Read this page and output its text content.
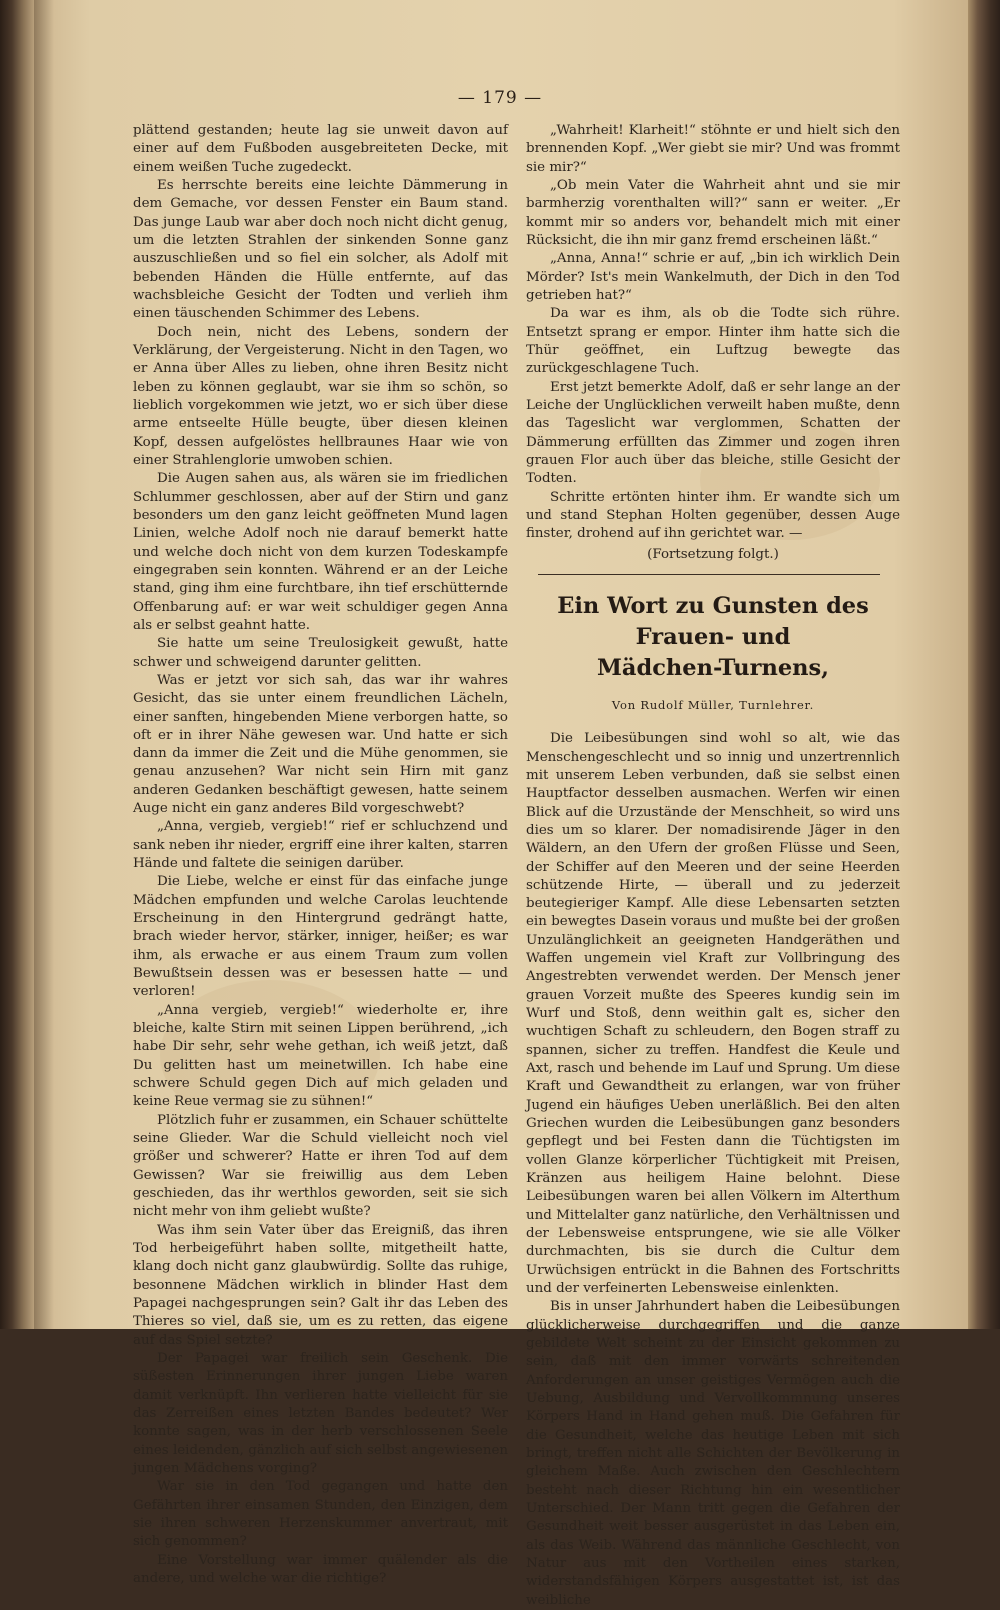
— 179 —

plättend gestanden; heute lag sie unweit davon auf einer auf dem Fußboden ausgebreiteten Decke, mit einem weißen Tuche zugedeckt.

Es herrschte bereits eine leichte Dämmerung in dem Gemache, vor dessen Fenster ein Baum stand. Das junge Laub war aber doch noch nicht dicht genug, um die letzten Strahlen der sinkenden Sonne ganz auszuschließen und so fiel ein solcher, als Adolf mit bebenden Händen die Hülle entfernte, auf das wachsbleiche Gesicht der Todten und verlieh ihm einen täuschenden Schimmer des Lebens.

Doch nein, nicht des Lebens, sondern der Verklärung, der Vergeisterung. Nicht in den Tagen, wo er Anna über Alles zu lieben, ohne ihren Besitz nicht leben zu können geglaubt, war sie ihm so schön, so lieblich vorgekommen wie jetzt, wo er sich über diese arme entseelte Hülle beugte, über diesen kleinen Kopf, dessen aufgelöstes hellbraunes Haar wie von einer Strahlenglorie umwoben schien.

Die Augen sahen aus, als wären sie im friedlichen Schlummer geschlossen, aber auf der Stirn und ganz besonders um den ganz leicht geöffneten Mund lagen Linien, welche Adolf noch nie darauf bemerkt hatte und welche doch nicht von dem kurzen Todeskampfe eingegraben sein konnten. Während er an der Leiche stand, ging ihm eine furchtbare, ihn tief erschütternde Offenbarung auf: er war weit schuldiger gegen Anna als er selbst geahnt hatte.

Sie hatte um seine Treulosigkeit gewußt, hatte schwer und schweigend darunter gelitten.

Was er jetzt vor sich sah, das war ihr wahres Gesicht, das sie unter einem freundlichen Lächeln, einer sanften, hingebenden Miene verborgen hatte, so oft er in ihrer Nähe gewesen war. Und hatte er sich dann da immer die Zeit und die Mühe genommen, sie genau anzusehen? War nicht sein Hirn mit ganz anderen Gedanken beschäftigt gewesen, hatte seinem Auge nicht ein ganz anderes Bild vorgeschwebt?

„Anna, vergieb, vergieb!“ rief er schluchzend und sank neben ihr nieder, ergriff eine ihrer kalten, starren Hände und faltete die seinigen darüber.

Die Liebe, welche er einst für das einfache junge Mädchen empfunden und welche Carolas leuchtende Erscheinung in den Hintergrund gedrängt hatte, brach wieder hervor, stärker, inniger, heißer; es war ihm, als erwache er aus einem Traum zum vollen Bewußtsein dessen was er besessen hatte — und verloren!

„Anna vergieb, vergieb!“ wiederholte er, ihre bleiche, kalte Stirn mit seinen Lippen berührend, „ich habe Dir sehr, sehr wehe gethan, ich weiß jetzt, daß Du gelitten hast um meinetwillen. Ich habe eine schwere Schuld gegen Dich auf mich geladen und keine Reue vermag sie zu sühnen!“

Plötzlich fuhr er zusammen, ein Schauer schüttelte seine Glieder. War die Schuld vielleicht noch viel größer und schwerer? Hatte er ihren Tod auf dem Gewissen? War sie freiwillig aus dem Leben geschieden, das ihr werthlos geworden, seit sie sich nicht mehr von ihm geliebt wußte?

Was ihm sein Vater über das Ereigniß, das ihren Tod herbeigeführt haben sollte, mitgetheilt hatte, klang doch nicht ganz glaubwürdig. Sollte das ruhige, besonnene Mädchen wirklich in blinder Hast dem Papagei nachgesprungen sein? Galt ihr das Leben des Thieres so viel, daß sie, um es zu retten, das eigene auf das Spiel setzte?

Der Papagei war freilich sein Geschenk. Die süßesten Erinnerungen ihrer jungen Liebe waren damit verknüpft. Ihn verlieren hatte vielleicht für sie das Zerreißen eines letzten Bandes bedeutet? Wer konnte sagen, was in der herb verschlossenen Seele eines leidenden, gänzlich auf sich selbst angewiesenen jungen Mädchens vorging?

War sie in den Tod gegangen und hatte den Gefährten ihrer einsamen Stunden, den Einzigen, dem sie ihren schweren Herzenskummer anvertraut, mit sich genommen?

Eine Vorstellung war immer quälender als die andere, und welche war die richtige?

„Wahrheit! Klarheit!“ stöhnte er und hielt sich den brennenden Kopf. „Wer giebt sie mir? Und was frommt sie mir?“

„Ob mein Vater die Wahrheit ahnt und sie mir barmherzig vorenthalten will?“ sann er weiter. „Er kommt mir so anders vor, behandelt mich mit einer Rücksicht, die ihn mir ganz fremd erscheinen läßt.“

„Anna, Anna!“ schrie er auf, „bin ich wirklich Dein Mörder? Ist's mein Wankelmuth, der Dich in den Tod getrieben hat?“

Da war es ihm, als ob die Todte sich rühre. Entsetzt sprang er empor. Hinter ihm hatte sich die Thür geöffnet, ein Luftzug bewegte das zurückgeschlagene Tuch.

Erst jetzt bemerkte Adolf, daß er sehr lange an der Leiche der Unglücklichen verweilt haben mußte, denn das Tageslicht war verglommen, Schatten der Dämmerung erfüllten das Zimmer und zogen ihren grauen Flor auch über das bleiche, stille Gesicht der Todten.

Schritte ertönten hinter ihm. Er wandte sich um und stand Stephan Holten gegenüber, dessen Auge finster, drohend auf ihn gerichtet war. —

(Fortsetzung folgt.)

Ein Wort zu Gunsten des Frauen- und
Mädchen-Turnens,

Von Rudolf Müller, Turnlehrer.

Die Leibesübungen sind wohl so alt, wie das Menschengeschlecht und so innig und unzertrennlich mit unserem Leben verbunden, daß sie selbst einen Hauptfactor desselben ausmachen. Werfen wir einen Blick auf die Urzustände der Menschheit, so wird uns dies um so klarer. Der nomadisirende Jäger in den Wäldern, an den Ufern der großen Flüsse und Seen, der Schiffer auf den Meeren und der seine Heerden schützende Hirte, — überall und zu jederzeit beutegieriger Kampf. Alle diese Lebensarten setzten ein bewegtes Dasein voraus und mußte bei der großen Unzulänglichkeit an geeigneten Handgeräthen und Waffen ungemein viel Kraft zur Vollbringung des Angestrebten verwendet werden. Der Mensch jener grauen Vorzeit mußte des Speeres kundig sein im Wurf und Stoß, denn weithin galt es, sicher den wuchtigen Schaft zu schleudern, den Bogen straff zu spannen, sicher zu treffen. Handfest die Keule und Axt, rasch und behende im Lauf und Sprung. Um diese Kraft und Gewandtheit zu erlangen, war von früher Jugend ein häufiges Ueben unerläßlich. Bei den alten Griechen wurden die Leibesübungen ganz besonders gepflegt und bei Festen dann die Tüchtigsten im vollen Glanze körperlicher Tüchtigkeit mit Preisen, Kränzen aus heiligem Haine belohnt. Diese Leibesübungen waren bei allen Völkern im Alterthum und Mittelalter ganz natürliche, den Verhältnissen und der Lebensweise entsprungene, wie sie alle Völker durchmachten, bis sie durch die Cultur dem Urwüchsigen entrückt in die Bahnen des Fortschritts und der verfeinerten Lebensweise einlenkten.

Bis in unser Jahrhundert haben die Leibesübungen glücklicherweise durchgegriffen und die ganze gebildete Welt scheint zu der Einsicht gekommen zu sein, daß mit den immer vorwärts schreitenden Anforderungen an unser geistiges Vermögen auch die Uebung, Ausbildung und Vervollkommnung unseres Körpers Hand in Hand gehen muß. Die Gefahren für die Gesundheit, welche das heutige Leben mit sich bringt, treffen nicht alle Schichten der Bevölkerung in gleichem Maße. Auch zwischen den Geschlechtern besteht nach dieser Richtung hin ein wesentlicher Unterschied. Der Mann tritt gegen die Gefahren der Gesundheit weit besser ausgerüstet in das Leben ein, als das Weib. Während das männliche Geschlecht, von Natur aus mit den Vortheilen eines starken, widerstandsfähigen Körpers ausgestattet ist, ist das weibliche
